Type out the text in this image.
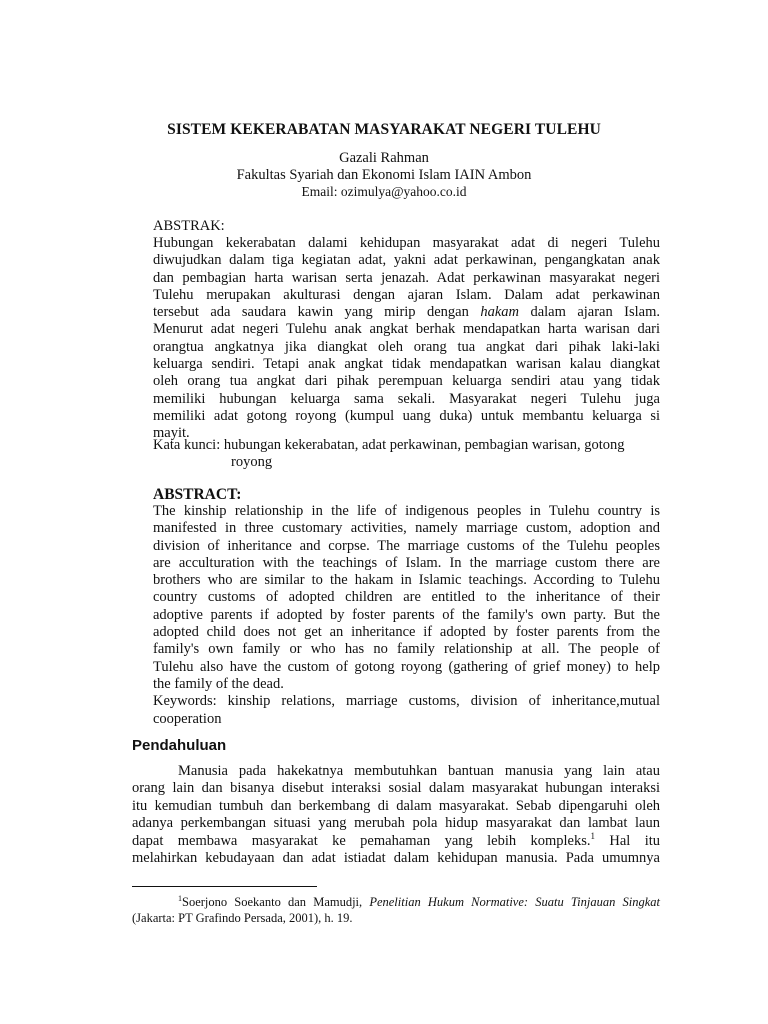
SISTEM KEKERABATAN MASYARAKAT NEGERI TULEHU
Gazali Rahman
Fakultas Syariah dan Ekonomi Islam IAIN Ambon
Email: ozimulya@yahoo.co.id
ABSTRAK:
Hubungan kekerabatan dalami kehidupan masyarakat adat di negeri Tulehu
diwujudkan dalam tiga kegiatan adat, yakni adat perkawinan, pengangkatan anak
dan pembagian harta warisan serta jenazah. Adat perkawinan masyarakat negeri
Tulehu merupakan akulturasi dengan ajaran Islam. Dalam adat perkawinan
tersebut ada saudara kawin yang mirip dengan hakam dalam ajaran Islam.
Menurut adat negeri Tulehu anak angkat berhak mendapatkan harta warisan dari
orangtua angkatnya jika diangkat oleh orang tua angkat dari pihak laki-laki
keluarga sendiri. Tetapi anak angkat tidak mendapatkan warisan kalau diangkat
oleh orang tua angkat dari pihak perempuan keluarga sendiri atau yang tidak
memiliki hubungan keluarga sama sekali. Masyarakat negeri Tulehu juga
memiliki adat gotong royong (kumpul uang duka) untuk membantu keluarga si
mayit.
Kata kunci: hubungan kekerabatan, adat perkawinan, pembagian warisan, gotong
royong
ABSTRACT:
The kinship relationship in the life of indigenous peoples in Tulehu country is
manifested in three customary activities, namely marriage custom, adoption and
division of inheritance and corpse. The marriage customs of the Tulehu peoples
are acculturation with the teachings of Islam. In the marriage custom there are
brothers who are similar to the hakam in Islamic teachings. According to Tulehu
country customs of adopted children are entitled to the inheritance of their
adoptive parents if adopted by foster parents of the family's own party. But the
adopted child does not get an inheritance if adopted by foster parents from the
family's own family or who has no family relationship at all. The people of
Tulehu also have the custom of gotong royong (gathering of grief money) to help
the family of the dead.
Keywords: kinship relations, marriage customs, division of inheritance,mutual
cooperation
Pendahuluan
Manusia pada hakekatnya membutuhkan bantuan manusia yang lain atau
orang lain dan bisanya disebut interaksi sosial dalam masyarakat hubungan interaksi
itu kemudian tumbuh dan berkembang di dalam masyarakat. Sebab dipengaruhi oleh
adanya perkembangan situasi yang merubah pola hidup masyarakat dan lambat laun
dapat membawa masyarakat ke pemahaman yang lebih kompleks.$^1$ Hal itu
melahirkan kebudayaan dan adat istiadat dalam kehidupan manusia. Pada umumnya
$^1$Soerjono Soekanto dan Mamudji, Penelitian Hukum Normative: Suatu Tinjauan Singkat
(Jakarta: PT Grafindo Persada, 2001), h. 19.
